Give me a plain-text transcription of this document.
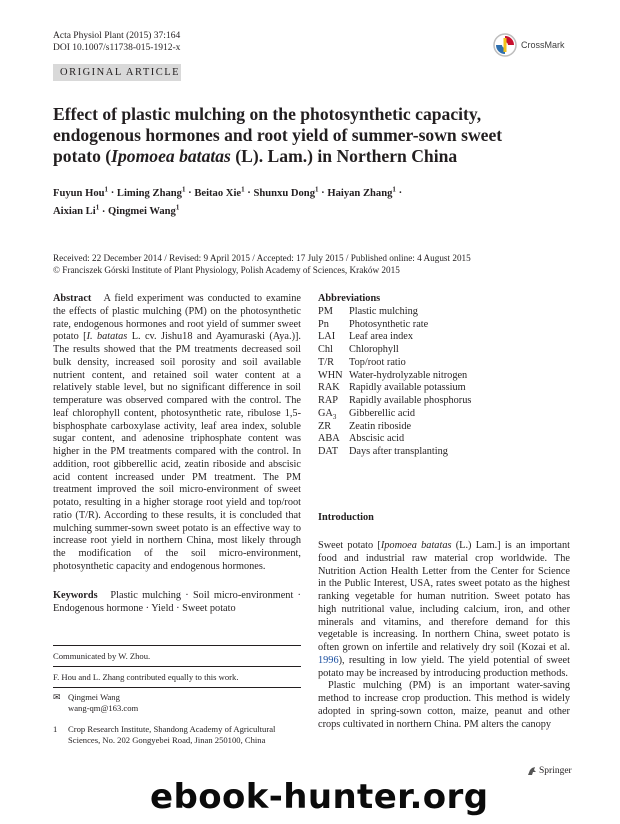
Acta Physiol Plant (2015) 37:164
DOI 10.1007/s11738-015-1912-x	CrossMark
ORIGINAL ARTICLE
Effect of plastic mulching on the photosynthetic capacity, endogenous hormones and root yield of summer-sown sweet potato (Ipomoea batatas (L). Lam.) in Northern China
Fuyun Hou$^1$ · Liming Zhang$^1$ · Beitao Xie$^1$ · Shunxu Dong$^1$ · Haiyan Zhang$^1$ ·
Aixian $Li^1$ · Qingmei Wang$^1$
Received: 22 December 2014 / Revised: 9 April 2015 / Accepted: 17 July 2015 / Published online: 4 August 2015
© Franciszek Górski Institute of Plant Physiology, Polish Academy of Sciences, Kraków 2015

Abstract A field experiment was conducted to examine the effects of plastic mulching (PM) on the photosynthetic rate, endogenous hormones and root yield of summer sweet potato [I. batatas L. cv. Jishu18 and Ayamuraski (Aya.)]. The results showed that the PM treatments decreased soil bulk density, increased soil porosity and soil available nutrient content, and retained soil water content at a relatively stable level, but no significant difference in soil temperature was observed compared with the control. The leaf chlorophyll content, photosynthetic rate, ribulose 1,5-bisphosphate carboxylase activity, leaf area index, soluble sugar content, and adenosine triphosphate content was higher in the PM treatments compared with the control. In addition, root gibberellic acid, zeatin riboside and abscisic acid content increased under PM treatment. The PM treatment improved the soil micro-environment of sweet potato, resulting in a higher storage root yield and top/root ratio (T/R). According to these results, it is concluded that mulching summer-sown sweet potato is an effective way to increase root yield in northern China, most likely through the modification of the soil micro-environment, photosynthetic capacity and endogenous hormones.

Keywords Plastic mulching · Soil micro-environment · Endogenous hormone · Yield · Sweet potato

Communicated by W. Zhou.
F. Hou and L. Zhang contributed equally to this work.
✉ Qingmei Wang
wang-qm@163.com
1	Crop Research Institute, Shandong Academy of Agricultural Sciences, No. 202 Gongyebei Road, Jinan 250100, China
Abbreviations
PM	Plastic mulching
Pn	Photosynthetic rate
LAI	Leaf area index
Chl	Chlorophyll
T/R	Top/root ratio
WHN Water-hydrolyzable nitrogen
RAK Rapidly available potassium
RAP	Rapidly available phosphorus
$GA_3$	Gibberellic acid
ZR	Zeatin riboside
ABA Abscisic acid
DAT	Days after transplanting
Introduction

Sweet potato [Ipomoea batatas (L.) Lam.] is an important food and industrial raw material crop worldwide. The Nutrition Action Health Letter from the Center for Science in the Public Interest, USA, rates sweet potato as the highest ranking vegetable for human nutrition. Sweet potato has high nutritional value, including calcium, iron, and other minerals and vitamins, and therefore demand for this vegetable is increasing. In northern China, sweet potato is often grown on infertile and relatively dry soil (Kozai et al. 1996), resulting in low yield. The yield potential of sweet potato may be increased by introducing production methods.

Plastic mulching (PM) is an important water-saving method to increase crop production. This method is widely adopted in spring-sown cotton, maize, peanut and other crops cultivated in northern China. PM alters the canopy

Springer
ebook-hunter.org
